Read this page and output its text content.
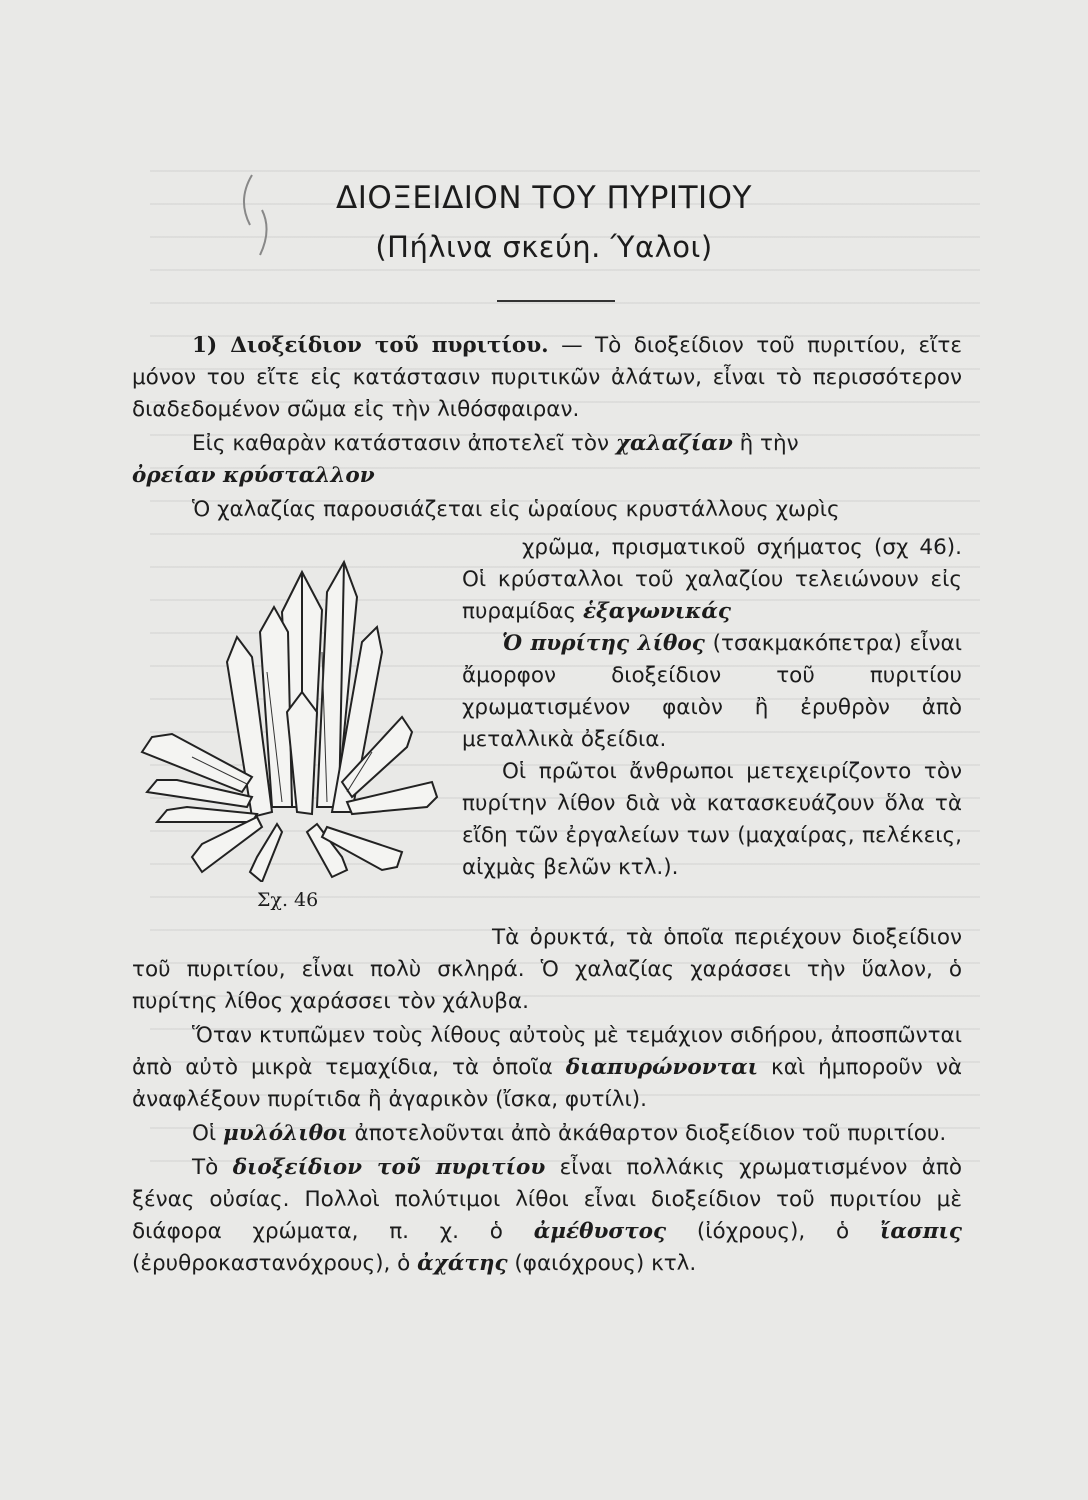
ΔΙΟΞΕΙΔΙΟΝ ΤΟΥ ΠΥΡΙΤΙΟΥ
(Πήλινα σκεύη. Ύαλοι)

1) Διοξείδιον τοῦ πυριτίου. — Τὸ διοξείδιον τοῦ πυριτίου, εἴτε μόνον του εἴτε εἰς κατάστασιν πυριτικῶν ἀλάτων, εἶναι τὸ περισσότερον διαδεδομένον σῶμα εἰς τὴν λιθόσφαιραν.

Εἰς καθαρὰν κατάστασιν ἀποτελεῖ τὸν χαλαζίαν ἢ τὴν
ὀρείαν κρύσταλλον

Ὁ χαλαζίας παρουσιάζεται εἰς ὡραίους κρυστάλλους χωρὶς

Σχ. 46

χρῶμα, πρισματικοῦ σχήματος (σχ 46). Οἱ κρύσταλλοι τοῦ χαλαζίου τελειώνουν εἰς πυραμίδας ἑξαγωνικάς

Ὁ πυρίτης λίθος (τσακμακόπετρα) εἶναι ἄμορφον διοξείδιον τοῦ πυριτίου χρωματισμένον φαιὸν ἢ ἐρυθρὸν ἀπὸ μεταλλικὰ ὀξείδια.

Οἱ πρῶτοι ἄνθρωποι μετεχειρίζοντο τὸν πυρίτην λίθον διὰ νὰ κατασκευάζουν ὅλα τὰ εἴδη τῶν ἐργαλείων των (μαχαίρας, πελέκεις, αἰχμὰς βελῶν κτλ.).

Τὰ ὀρυκτά, τὰ ὁποῖα περιέχουν διοξείδιον τοῦ πυριτίου, εἶναι πολὺ σκληρά. Ὁ χαλαζίας χαράσσει τὴν ὕαλον, ὁ πυρίτης λίθος χαράσσει τὸν χάλυβα.

Ὅταν κτυπῶμεν τοὺς λίθους αὐτοὺς μὲ τεμάχιον σιδήρου, ἀποσπῶνται ἀπὸ αὐτὸ μικρὰ τεμαχίδια, τὰ ὁποῖα διαπυρώνονται καὶ ἠμποροῦν νὰ ἀναφλέξουν πυρίτιδα ἢ ἀγαρικὸν (ἴσκα, φυτίλι).

Οἱ μυλόλιθοι ἀποτελοῦνται ἀπὸ ἀκάθαρτον διοξείδιον τοῦ πυριτίου.

Τὸ διοξείδιον τοῦ πυριτίου εἶναι πολλάκις χρωματισμένον ἀπὸ ξένας οὐσίας. Πολλοὶ πολύτιμοι λίθοι εἶναι διοξείδιον τοῦ πυριτίου μὲ διάφορα χρώματα, π. χ. ὁ ἀμέθυστος (ἰόχρους), ὁ ἴασπις (ἐρυθροκαστανόχρους), ὁ ἀχάτης (φαιόχρους) κτλ.
